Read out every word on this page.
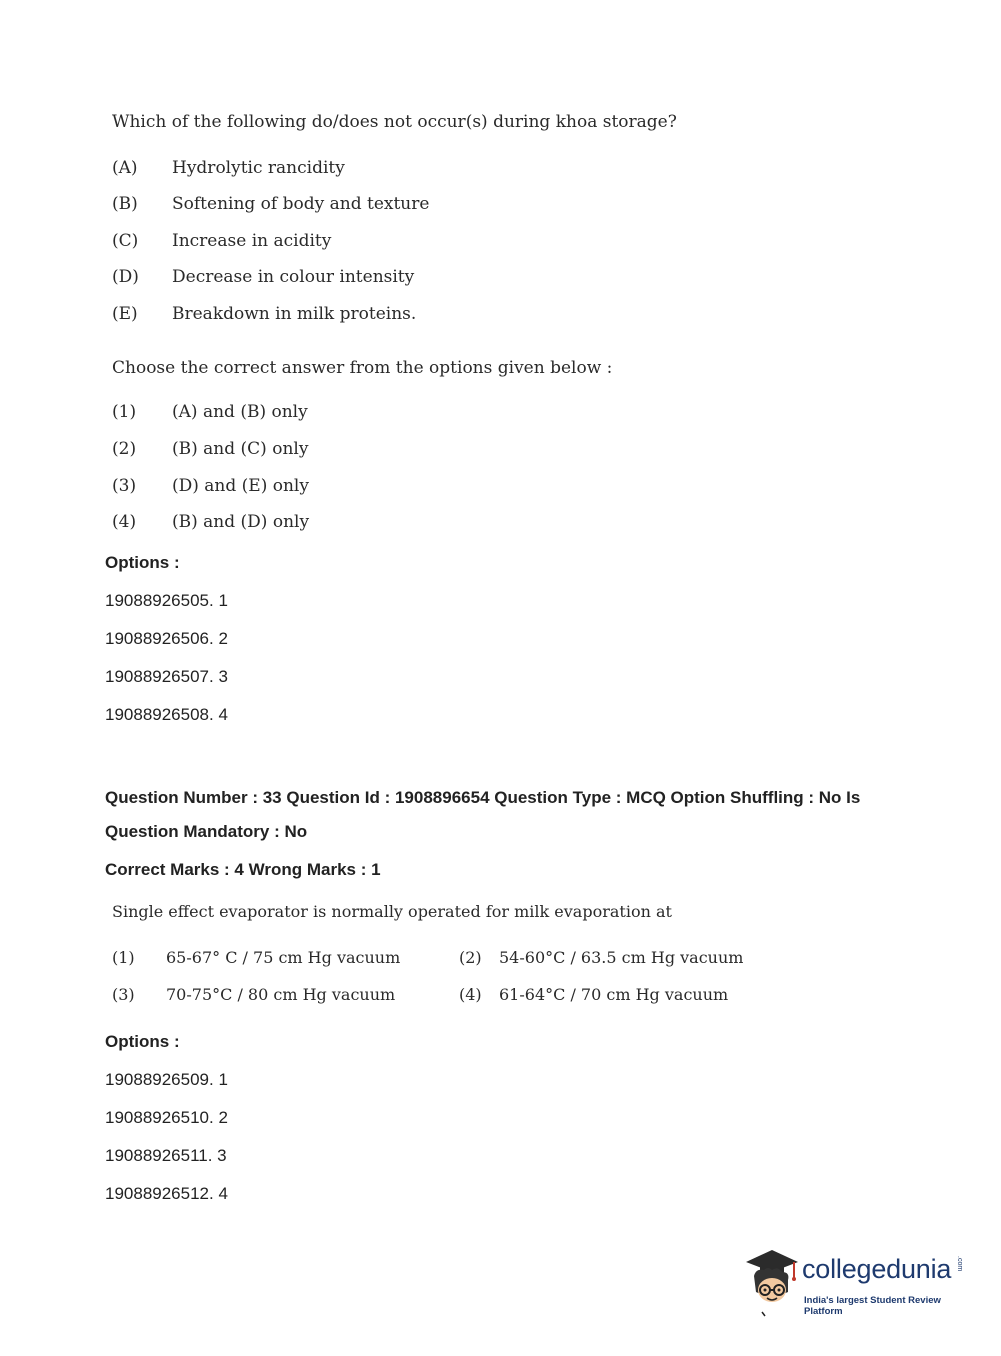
Which of the following do/does not occur(s) during khoa storage?
(A) Hydrolytic rancidity
(B) Softening of body and texture
(C) Increase in acidity
(D) Decrease in colour intensity
(E) Breakdown in milk proteins.
Choose the correct answer from the options given below :
(1) (A) and (B) only
(2) (B) and (C) only
(3) (D) and (E) only
(4) (B) and (D) only
Options :
19088926505. 1
19088926506. 2
19088926507. 3
19088926508. 4
Question Number : 33 Question Id : 1908896654 Question Type : MCQ Option Shuffling : No Is
Question Mandatory : No
Correct Marks : 4 Wrong Marks : 1
Single effect evaporator is normally operated for milk evaporation at
(1) 65-67° C / 75 cm Hg vacuum	(2) 54-60°C / 63.5 cm Hg vacuum
(3) 70-75°C / 80 cm Hg vacuum	(4) 61-64°C / 70 cm Hg vacuum
Options :
19088926509. 1
19088926510. 2
19088926511. 3
19088926512. 4
collegedunia .com
India's largest Student Review Platform
